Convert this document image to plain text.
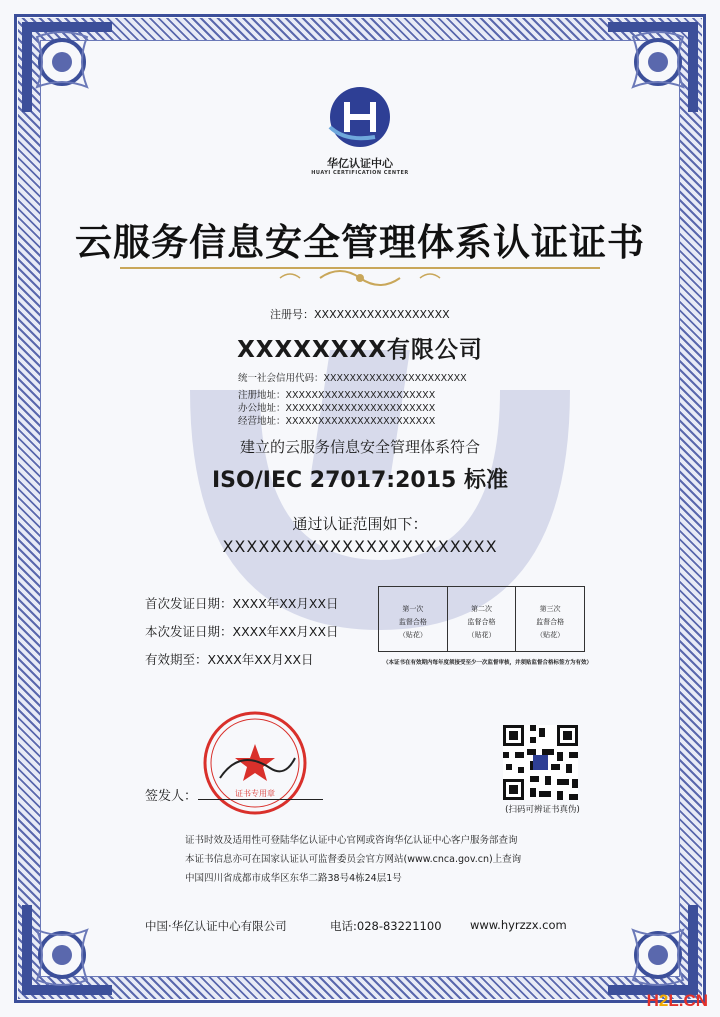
华亿认证中心
HUAYI CERTIFICATION CENTER
云服务信息安全管理体系认证证书
注册号：XXXXXXXXXXXXXXXXXX
XXXXXXXX有限公司
统一社会信用代码：XXXXXXXXXXXXXXXXXXXXXX
注册地址：XXXXXXXXXXXXXXXXXXXXXXX
办公地址：XXXXXXXXXXXXXXXXXXXXXXX
经营地址：XXXXXXXXXXXXXXXXXXXXXXX
建立的云服务信息安全管理体系符合
ISO/IEC 27017:2015 标准
通过认证范围如下：
XXXXXXXXXXXXXXXXXXXXXXX
首次发证日期：XXXX年XX月XX日
本次发证日期：XXXX年XX月XX日
有效期至：XXXX年XX月XX日
第一次
监督合格
（贴花）
第二次
监督合格
（贴花）
第三次
监督合格
（贴花）
（本证书在有效期内每年度须接受至少一次监督审核，并须贴监督合格标签方为有效）
证书专用章
签发人：
(扫码可辨证书真伪)
证书时效及适用性可登陆华亿认证中心官网或咨询华亿认证中心客户服务部查询
本证书信息亦可在国家认证认可监督委员会官方网站(www.cnca.gov.cn)上查询
中国四川省成都市成华区东华二路38号4栋24层1号
中国·华亿认证中心有限公司	电话:028-83221100 www.hyrzzx.com
H2L.CN
